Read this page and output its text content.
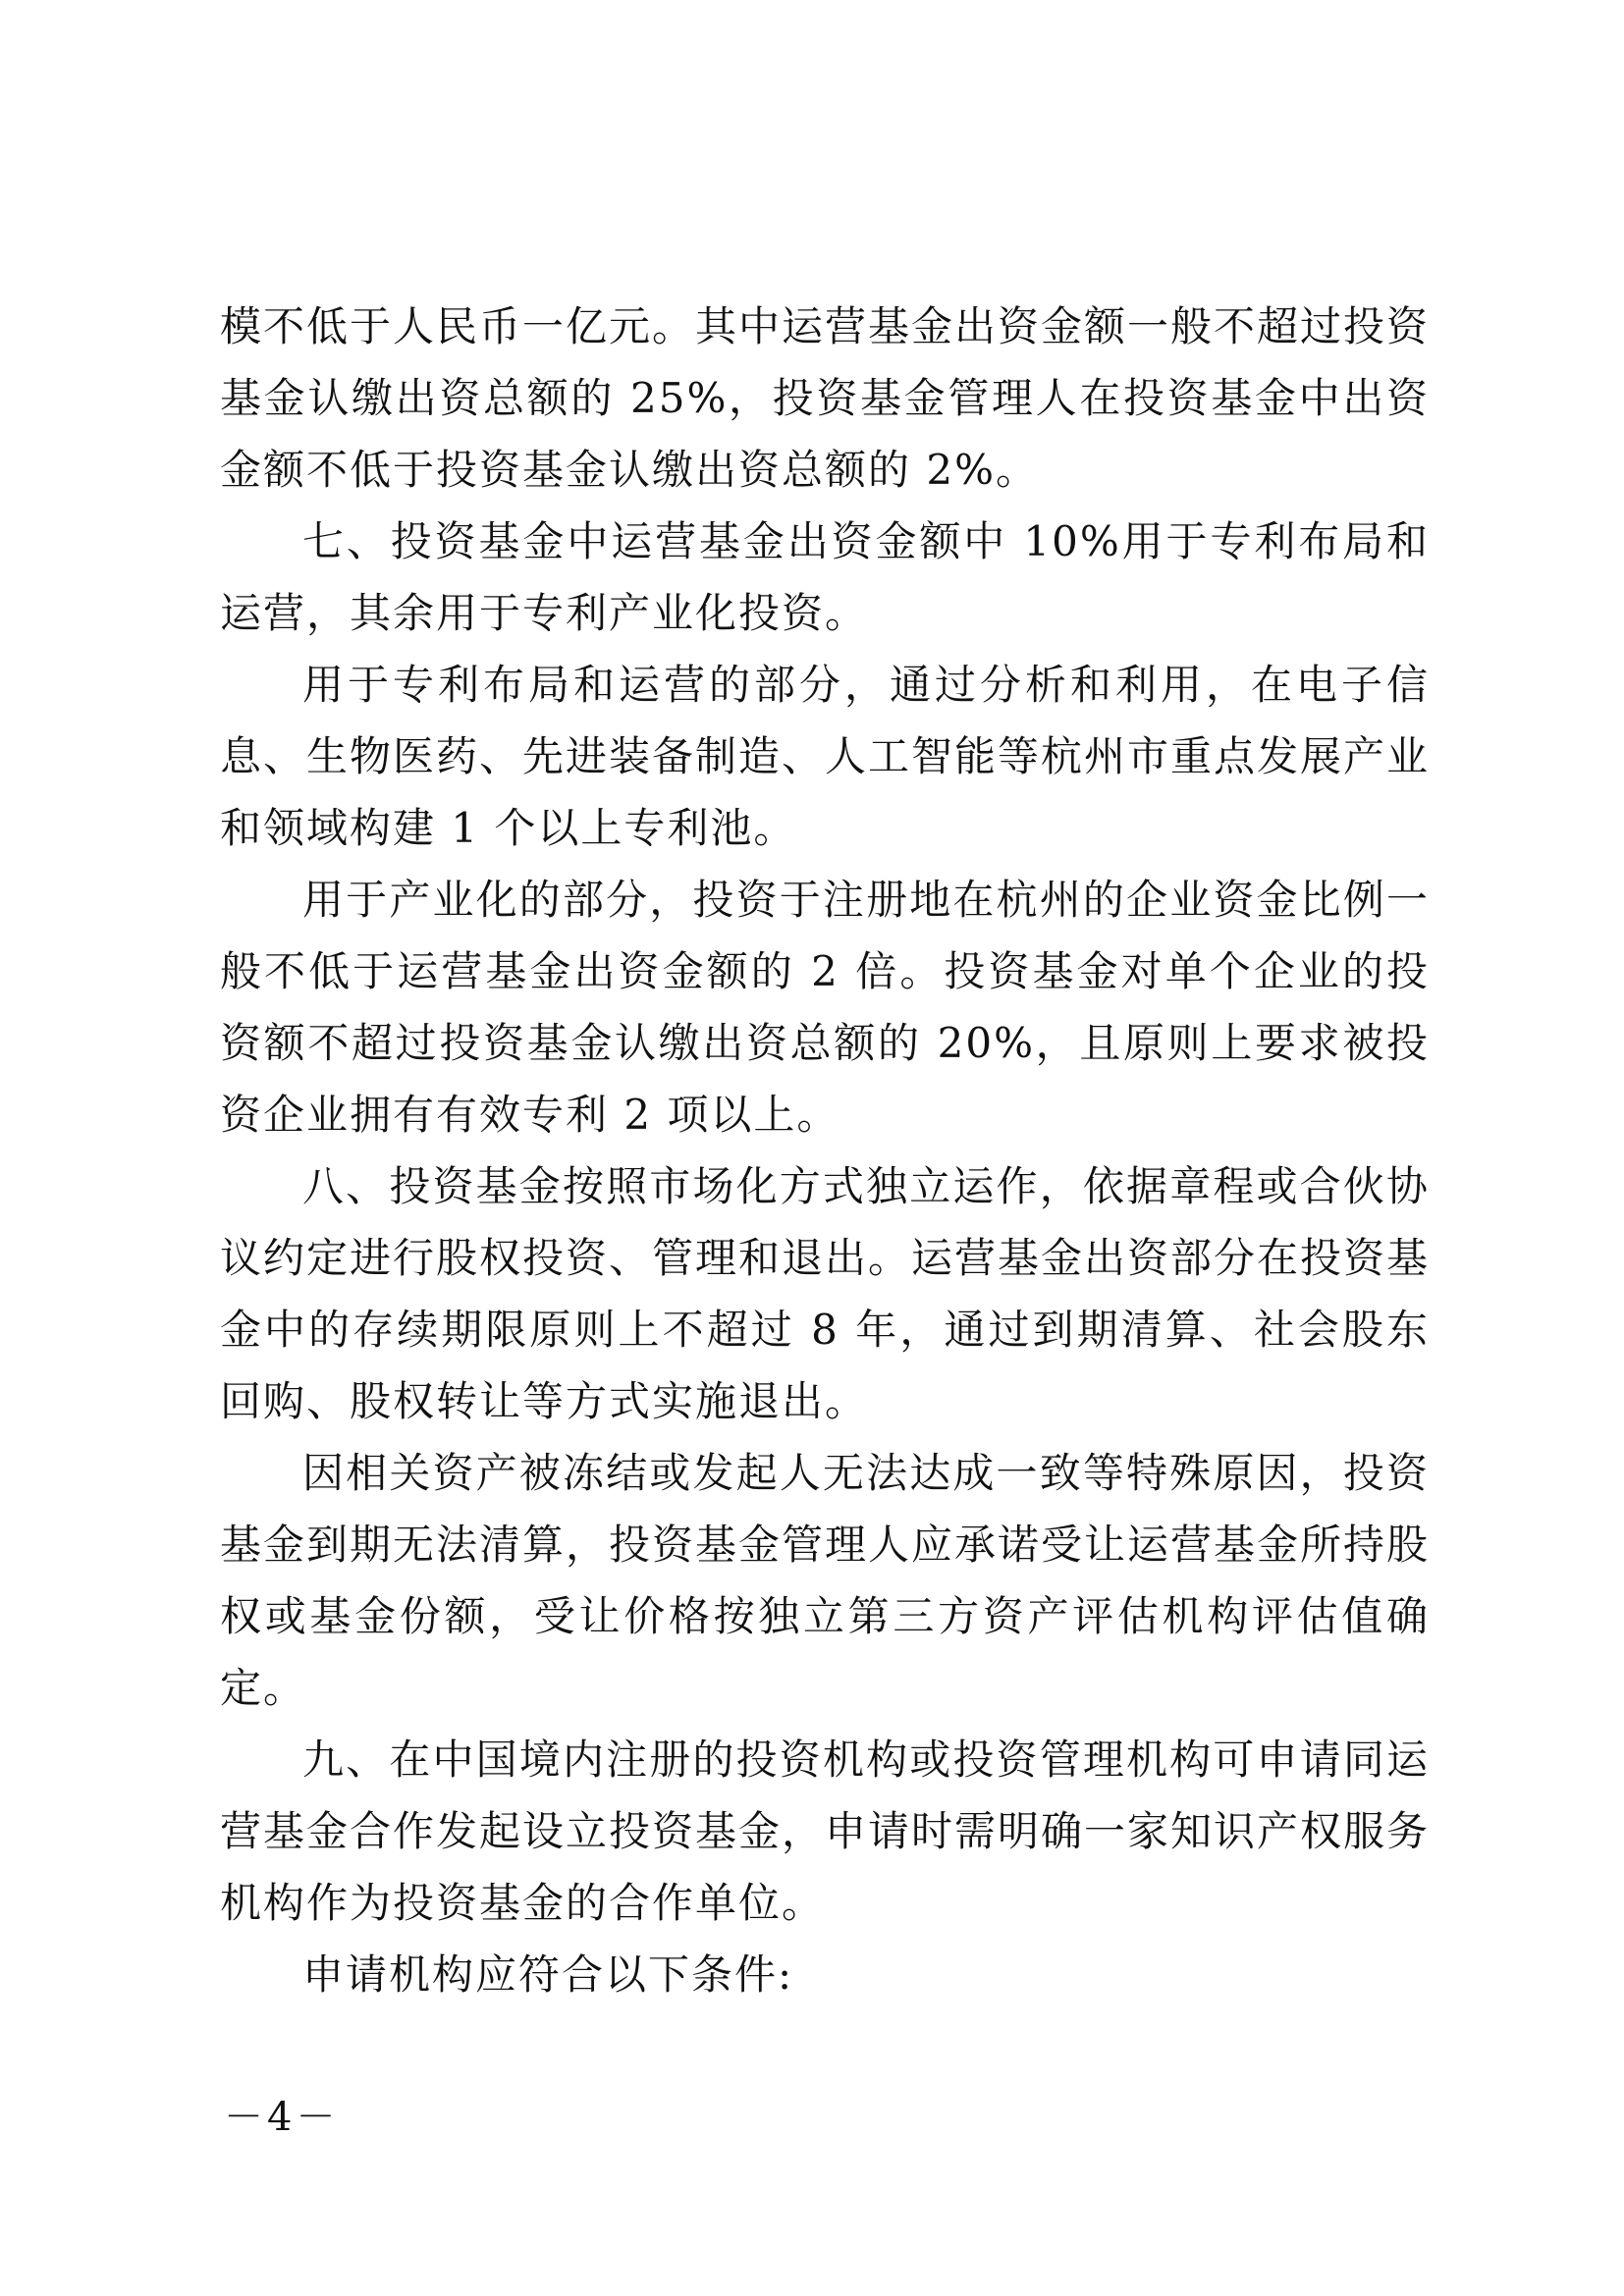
模不低于人民币一亿元。其中运营基金出资金额一般不超过投资基金认缴出资总额的 25%，投资基金管理人在投资基金中出资金额不低于投资基金认缴出资总额的 2%。

七、投资基金中运营基金出资金额中 10%用于专利布局和运营，其余用于专利产业化投资。

用于专利布局和运营的部分，通过分析和利用，在电子信息、生物医药、先进装备制造、人工智能等杭州市重点发展产业和领域构建 1 个以上专利池。

用于产业化的部分，投资于注册地在杭州的企业资金比例一般不低于运营基金出资金额的 2 倍。投资基金对单个企业的投资额不超过投资基金认缴出资总额的 20%，且原则上要求被投资企业拥有有效专利 2 项以上。

八、投资基金按照市场化方式独立运作，依据章程或合伙协议约定进行股权投资、管理和退出。运营基金出资部分在投资基金中的存续期限原则上不超过 8 年，通过到期清算、社会股东回购、股权转让等方式实施退出。

因相关资产被冻结或发起人无法达成一致等特殊原因，投资基金到期无法清算，投资基金管理人应承诺受让运营基金所持股权或基金份额，受让价格按独立第三方资产评估机构评估值确定。

九、在中国境内注册的投资机构或投资管理机构可申请同运营基金合作发起设立投资基金，申请时需明确一家知识产权服务机构作为投资基金的合作单位。

申请机构应符合以下条件:

－4－
